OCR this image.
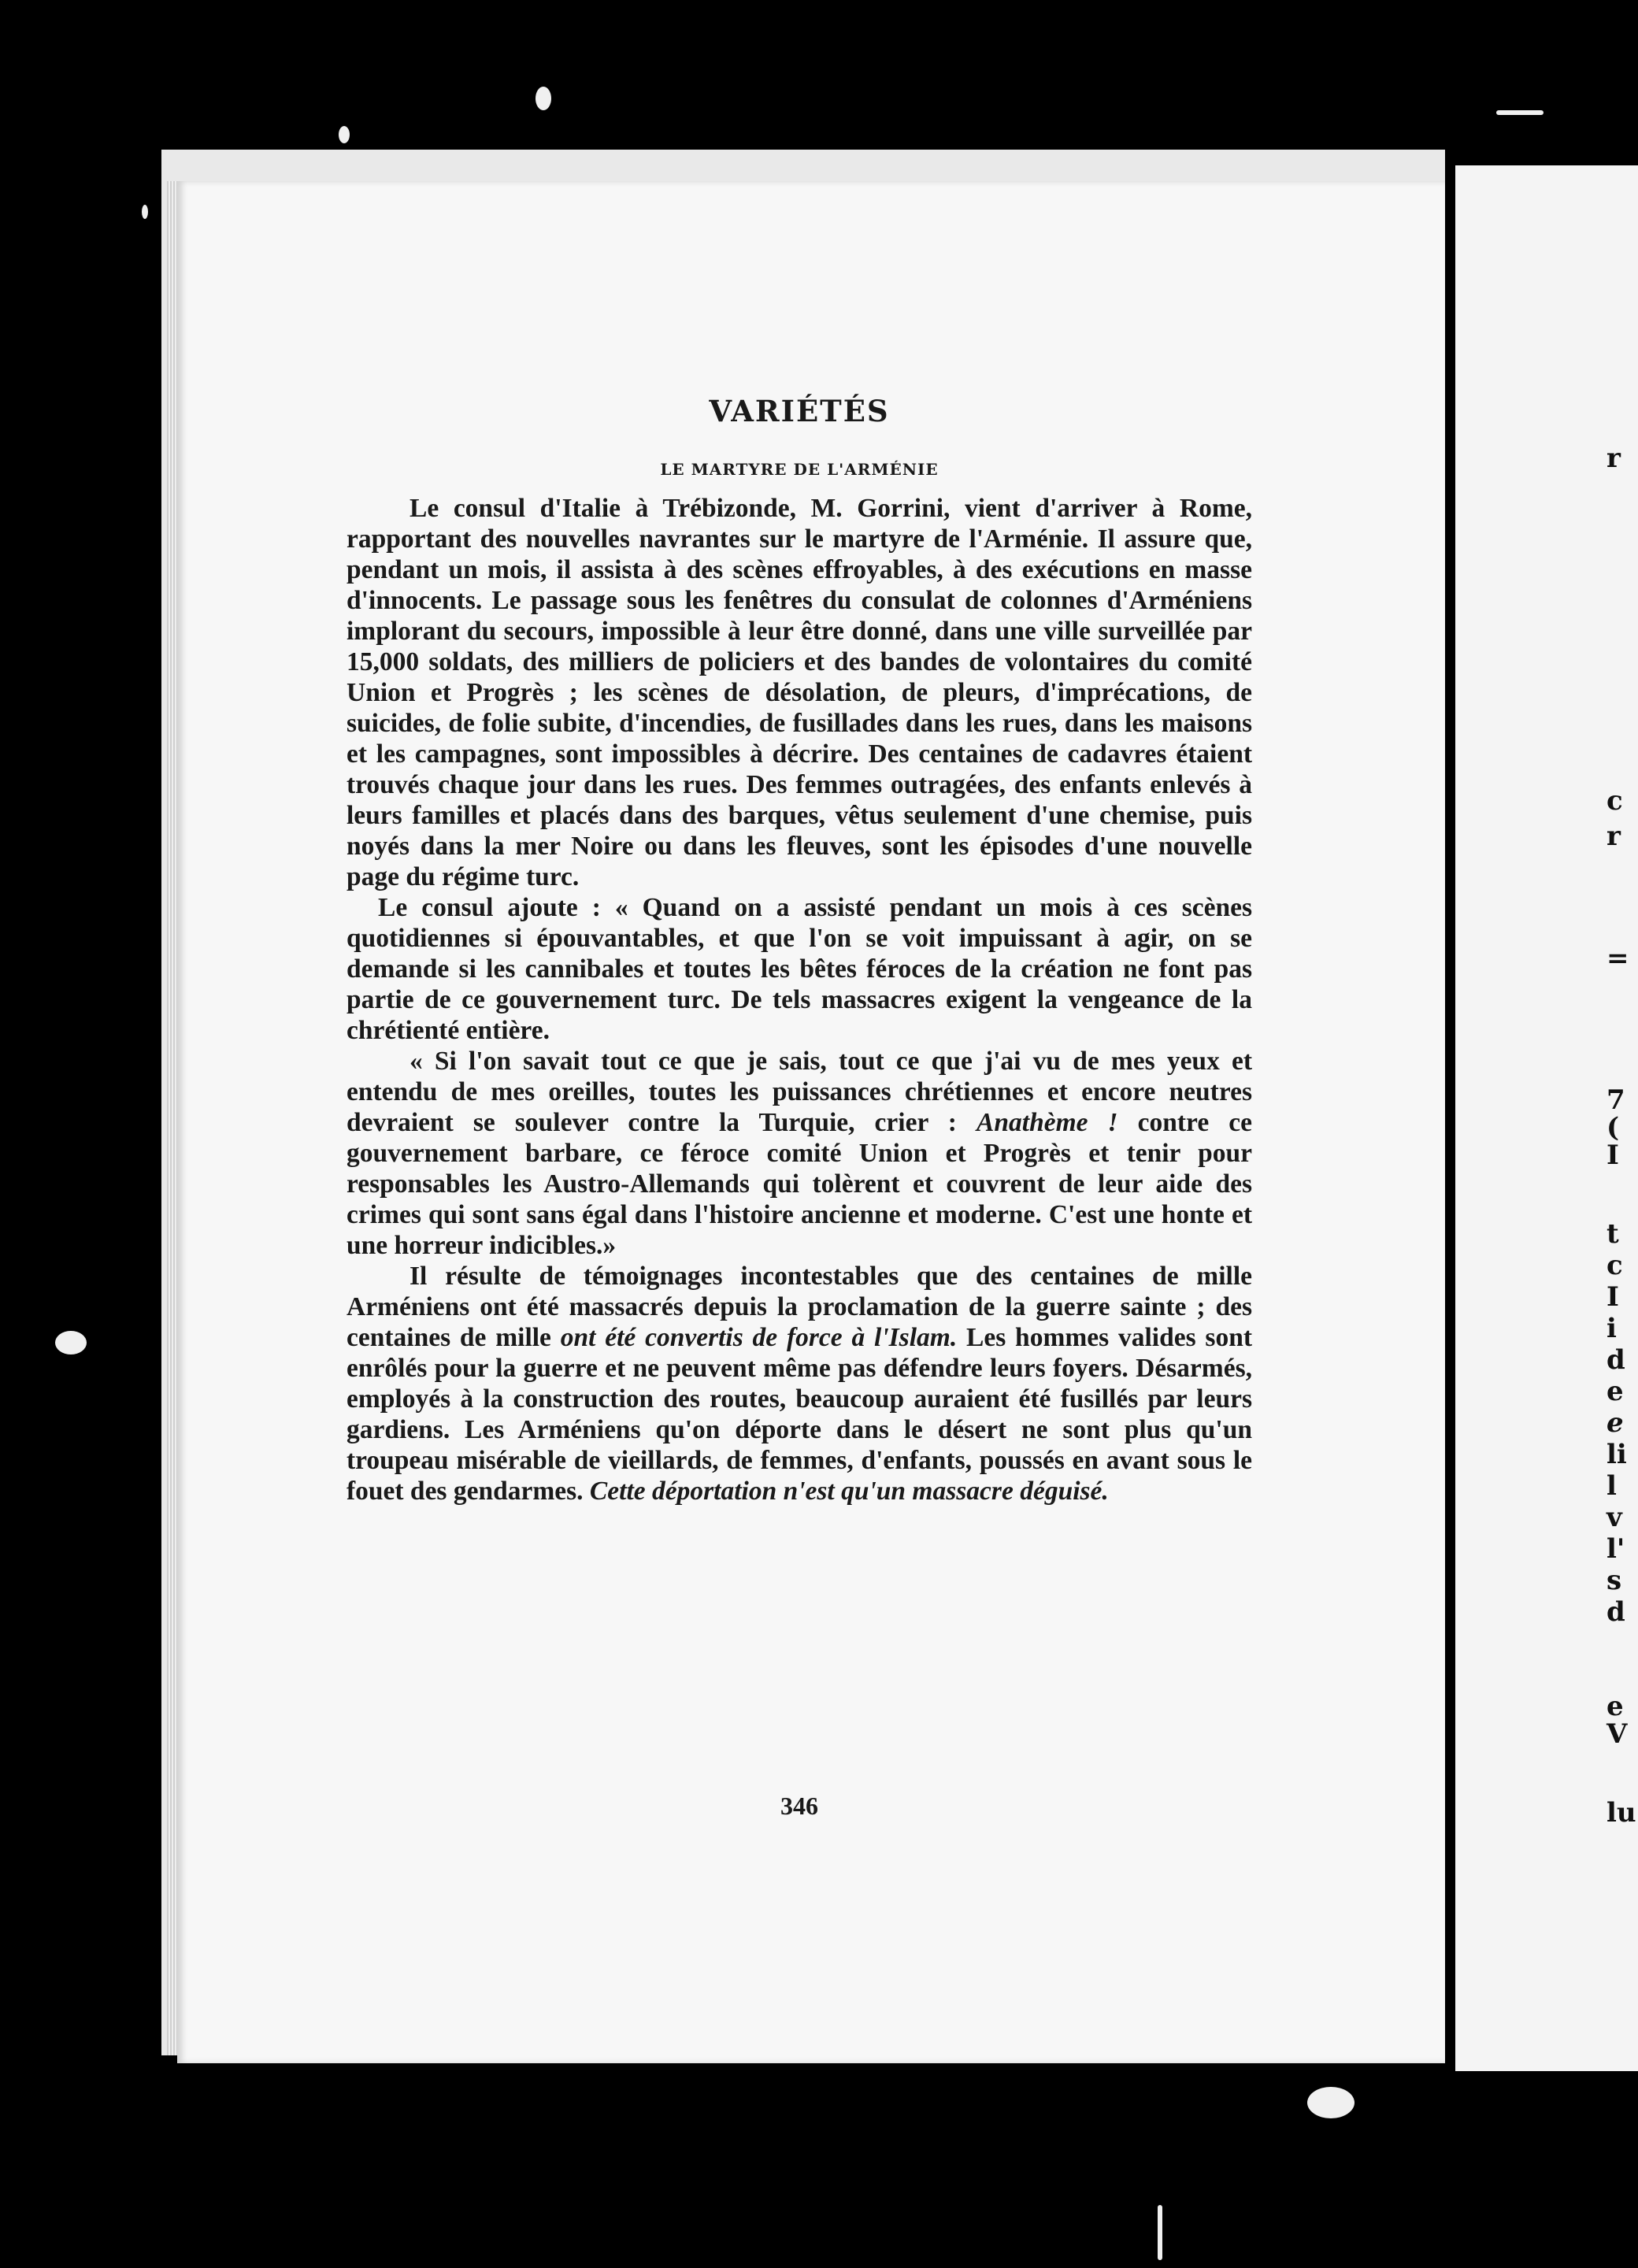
r
c
r
=
7
(
I
t
c
I
i
d
e
e
li
l
v
l'
s
d
e
V
lu
VARIÉTÉS
LE MARTYRE DE L'ARMÉNIE

Le consul d'Italie à Trébizonde, M. Gorrini, vient d'arriver à Rome, rapportant des nouvelles navrantes sur le martyre de l'Arménie. Il assure que, pendant un mois, il assista à des scènes effroyables, à des exécutions en masse d'innocents. Le passage sous les fenêtres du consulat de colonnes d'Arméniens implorant du secours, impossible à leur être donné, dans une ville surveillée par 15,000 soldats, des milliers de policiers et des bandes de volontaires du comité Union et Progrès ; les scènes de désolation, de pleurs, d'imprécations, de suicides, de folie subite, d'incendies, de fusillades dans les rues, dans les maisons et les campagnes, sont impossibles à décrire. Des centaines de cadavres étaient trouvés chaque jour dans les rues. Des femmes outragées, des enfants enlevés à leurs familles et placés dans des barques, vêtus seulement d'une chemise, puis noyés dans la mer Noire ou dans les fleuves, sont les épisodes d'une nouvelle page du régime turc.

Le consul ajoute : « Quand on a assisté pendant un mois à ces scènes quotidiennes si épouvantables, et que l'on se voit impuissant à agir, on se demande si les cannibales et toutes les bêtes féroces de la création ne font pas partie de ce gouvernement turc. De tels massacres exigent la vengeance de la chrétienté entière.

« Si l'on savait tout ce que je sais, tout ce que j'ai vu de mes yeux et entendu de mes oreilles, toutes les puissances chrétiennes et encore neutres devraient se soulever contre la Turquie, crier : Anathème ! contre ce gouvernement barbare, ce féroce comité Union et Progrès et tenir pour responsables les Austro-Allemands qui tolèrent et couvrent de leur aide des crimes qui sont sans égal dans l'histoire ancienne et moderne. C'est une honte et une horreur indicibles.»

Il résulte de témoignages incontestables que des centaines de mille Arméniens ont été massacrés depuis la proclamation de la guerre sainte ; des centaines de mille ont été convertis de force à l'Islam. Les hommes valides sont enrôlés pour la guerre et ne peuvent même pas défendre leurs foyers. Désarmés, employés à la construction des routes, beaucoup auraient été fusillés par leurs gardiens. Les Arméniens qu'on déporte dans le désert ne sont plus qu'un troupeau misérable de vieillards, de femmes, d'enfants, poussés en avant sous le fouet des gendarmes. Cette déportation n'est qu'un massacre déguisé.

346
